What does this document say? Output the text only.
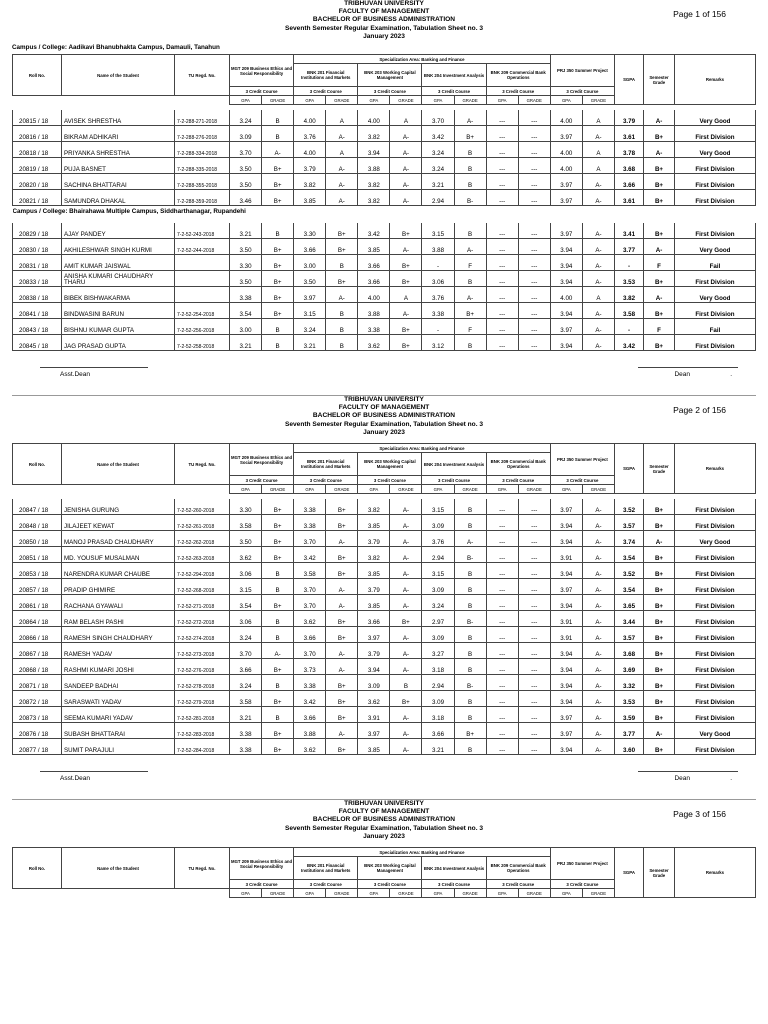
Page 1 of 156
TRIBHUVAN UNIVERSITY
FACULTY OF MANAGEMENT
BACHELOR OF BUSINESS ADMINISTRATION
Seventh Semester Regular Examination, Tabulation Sheet no. 3
January 2023
Campus / College: Aadikavi Bhanubhakta Campus, Damauli, Tanahun
Roll No.	Name of the Student	TU Regd. No.	MGT 209 Business Ethics and Social Responsibility		Specialization Area: Banking and Finance								PRJ 350 Summer Project		SGPA	Semester Grade	Remarks
					BNK 201 Financial Institutions and Markets		BNK 203 Working Capital Management		BNK 204 Investment Analysis		BNK 209 Commercial Bank Operations						
			3 Credit Course		3 Credit Course		3 Credit Course		3 Credit Course		3 Credit Course		3 Credit Course				
			GPA	GRADE	GPA	GRADE	GPA	GRADE	GPA	GRADE	GPA	GRADE	GPA	GRADE			

20815 / 18	AVISEK SHRESTHA	7-2-288-271-2018	3.24	B	4.00	A	4.00	A	3.70	A-	---	---	4.00	A	3.79	A-	Very Good
20816 / 18	BIKRAM ADHIKARI	7-2-288-276-2018	3.09	B	3.76	A-	3.82	A-	3.42	B+	---	---	3.97	A-	3.61	B+	First Division
20818 / 18	PRIYANKA SHRESTHA	7-2-288-334-2018	3.70	A-	4.00	A	3.94	A-	3.24	B	---	---	4.00	A	3.78	A-	Very Good
20819 / 18	PUJA BASNET	7-2-288-335-2018	3.50	B+	3.79	A-	3.88	A-	3.24	B	---	---	4.00	A	3.68	B+	First Division
20820 / 18	SACHINA BHATTARAI	7-2-288-355-2018	3.50	B+	3.82	A-	3.82	A-	3.21	B	---	---	3.97	A-	3.66	B+	First Division
20821 / 18	SAMUNDRA DHAKAL	7-2-288-359-2018	3.46	B+	3.85	A-	3.82	A-	2.94	B-	---	---	3.97	A-	3.61	B+	First Division
Campus / College: Bhairahawa Multiple Campus, Siddharthanagar, Rupandehi																	

20829 / 18	AJAY PANDEY	7-2-52-243-2018	3.21	B	3.30	B+	3.42	B+	3.15	B	---	---	3.97	A-	3.41	B+	First Division
20830 / 18	AKHILESHWAR SINGH KURMI	7-2-52-244-2018	3.50	B+	3.66	B+	3.85	A-	3.88	A-	---	---	3.94	A-	3.77	A-	Very Good
20831 / 18	AMIT KUMAR JAISWAL		3.30	B+	3.00	B	3.66	B+	-	F	---	---	3.94	A-	-	F	Fail
20833 / 18	ANISHA KUMARI CHAUDHARY THARU		3.50	B+	3.50	B+	3.66	B+	3.06	B	---	---	3.94	A-	3.53	B+	First Division
20838 / 18	BIBEK BISHWAKARMA		3.38	B+	3.97	A-	4.00	A	3.76	A-	---	---	4.00	A	3.82	A-	Very Good
20841 / 18	BINDWASINI BARUN	7-2-52-254-2018	3.54	B+	3.15	B	3.88	A-	3.38	B+	---	---	3.94	A-	3.58	B+	First Division
20843 / 18	BISHNU KUMAR GUPTA	7-2-52-256-2018	3.00	B	3.24	B	3.38	B+	-	F	---	---	3.97	A-	-	F	Fail
20845 / 18	JAG PRASAD GUPTA	7-2-52-258-2018	3.21	B	3.21	B	3.62	B+	3.12	B	---	---	3.94	A-	3.42	B+	First Division
Asst.Dean	Dean	.
Page 2 of 156
TRIBHUVAN UNIVERSITY
FACULTY OF MANAGEMENT
BACHELOR OF BUSINESS ADMINISTRATION
Seventh Semester Regular Examination, Tabulation Sheet no. 3
January 2023
Roll No.	Name of the Student	TU Regd. No.	MGT 209 Business Ethics and Social Responsibility		Specialization Area: Banking and Finance								PRJ 350 Summer Project		SGPA	Semester Grade	Remarks
					BNK 201 Financial Institutions and Markets		BNK 203 Working Capital Management		BNK 204 Investment Analysis		BNK 209 Commercial Bank Operations						
			3 Credit Course		3 Credit Course		3 Credit Course		3 Credit Course		3 Credit Course		3 Credit Course				
			GPA	GRADE	GPA	GRADE	GPA	GRADE	GPA	GRADE	GPA	GRADE	GPA	GRADE			

20847 / 18	JENISHA GURUNG	7-2-52-260-2018	3.30	B+	3.38	B+	3.82	A-	3.15	B	---	---	3.97	A-	3.52	B+	First Division
20848 / 18	JILAJEET KEWAT	7-2-52-261-2018	3.58	B+	3.38	B+	3.85	A-	3.09	B	---	---	3.94	A-	3.57	B+	First Division
20850 / 18	MANOJ PRASAD CHAUDHARY	7-2-52-262-2018	3.50	B+	3.70	A-	3.79	A-	3.76	A-	---	---	3.94	A-	3.74	A-	Very Good
20851 / 18	MD. YOUSUF MUSALMAN	7-2-52-263-2018	3.62	B+	3.42	B+	3.82	A-	2.94	B-	---	---	3.91	A-	3.54	B+	First Division
20853 / 18	NARENDRA KUMAR CHAUBE	7-2-52-294-2018	3.06	B	3.58	B+	3.85	A-	3.15	B	---	---	3.94	A-	3.52	B+	First Division
20857 / 18	PRADIP GHIMIRE	7-2-52-268-2018	3.15	B	3.70	A-	3.79	A-	3.09	B	---	---	3.97	A-	3.54	B+	First Division
20861 / 18	RACHANA GYAWALI	7-2-52-271-2018	3.54	B+	3.70	A-	3.85	A-	3.24	B	---	---	3.94	A-	3.65	B+	First Division
20864 / 18	RAM BELASH PASHI	7-2-52-272-2018	3.06	B	3.62	B+	3.66	B+	2.97	B-	---	---	3.91	A-	3.44	B+	First Division
20866 / 18	RAMESH SINGH CHAUDHARY	7-2-52-274-2018	3.24	B	3.66	B+	3.97	A-	3.09	B	---	---	3.91	A-	3.57	B+	First Division
20867 / 18	RAMESH YADAV	7-2-52-273-2018	3.70	A-	3.70	A-	3.79	A-	3.27	B	---	---	3.94	A-	3.68	B+	First Division
20868 / 18	RASHMI KUMARI JOSHI	7-2-52-276-2018	3.66	B+	3.73	A-	3.94	A-	3.18	B	---	---	3.94	A-	3.69	B+	First Division
20871 / 18	SANDEEP BADHAI	7-2-52-278-2018	3.24	B	3.38	B+	3.09	B	2.94	B-	---	---	3.94	A-	3.32	B+	First Division
20872 / 18	SARASWATI YADAV	7-2-52-279-2018	3.58	B+	3.42	B+	3.62	B+	3.09	B	---	---	3.94	A-	3.53	B+	First Division
20873 / 18	SEEMA KUMARI YADAV	7-2-52-281-2018	3.21	B	3.66	B+	3.91	A-	3.18	B	---	---	3.97	A-	3.59	B+	First Division
20876 / 18	SUBASH BHATTARAI	7-2-52-283-2018	3.38	B+	3.88	A-	3.97	A-	3.66	B+	---	---	3.97	A-	3.77	A-	Very Good
20877 / 18	SUMIT PARAJULI	7-2-52-284-2018	3.38	B+	3.62	B+	3.85	A-	3.21	B	---	---	3.94	A-	3.60	B+	First Division
Asst.Dean	Dean	.
Page 3 of 156
TRIBHUVAN UNIVERSITY
FACULTY OF MANAGEMENT
BACHELOR OF BUSINESS ADMINISTRATION
Seventh Semester Regular Examination, Tabulation Sheet no. 3
January 2023
Roll No.	Name of the Student	TU Regd. No.	MGT 209 Business Ethics and Social Responsibility		Specialization Area: Banking and Finance								PRJ 350 Summer Project		SGPA	Semester Grade	Remarks
					BNK 201 Financial Institutions and Markets		BNK 203 Working Capital Management		BNK 204 Investment Analysis		BNK 209 Commercial Bank Operations						
			3 Credit Course		3 Credit Course		3 Credit Course		3 Credit Course		3 Credit Course		3 Credit Course				
			GPA	GRADE	GPA	GRADE	GPA	GRADE	GPA	GRADE	GPA	GRADE	GPA	GRADE			
